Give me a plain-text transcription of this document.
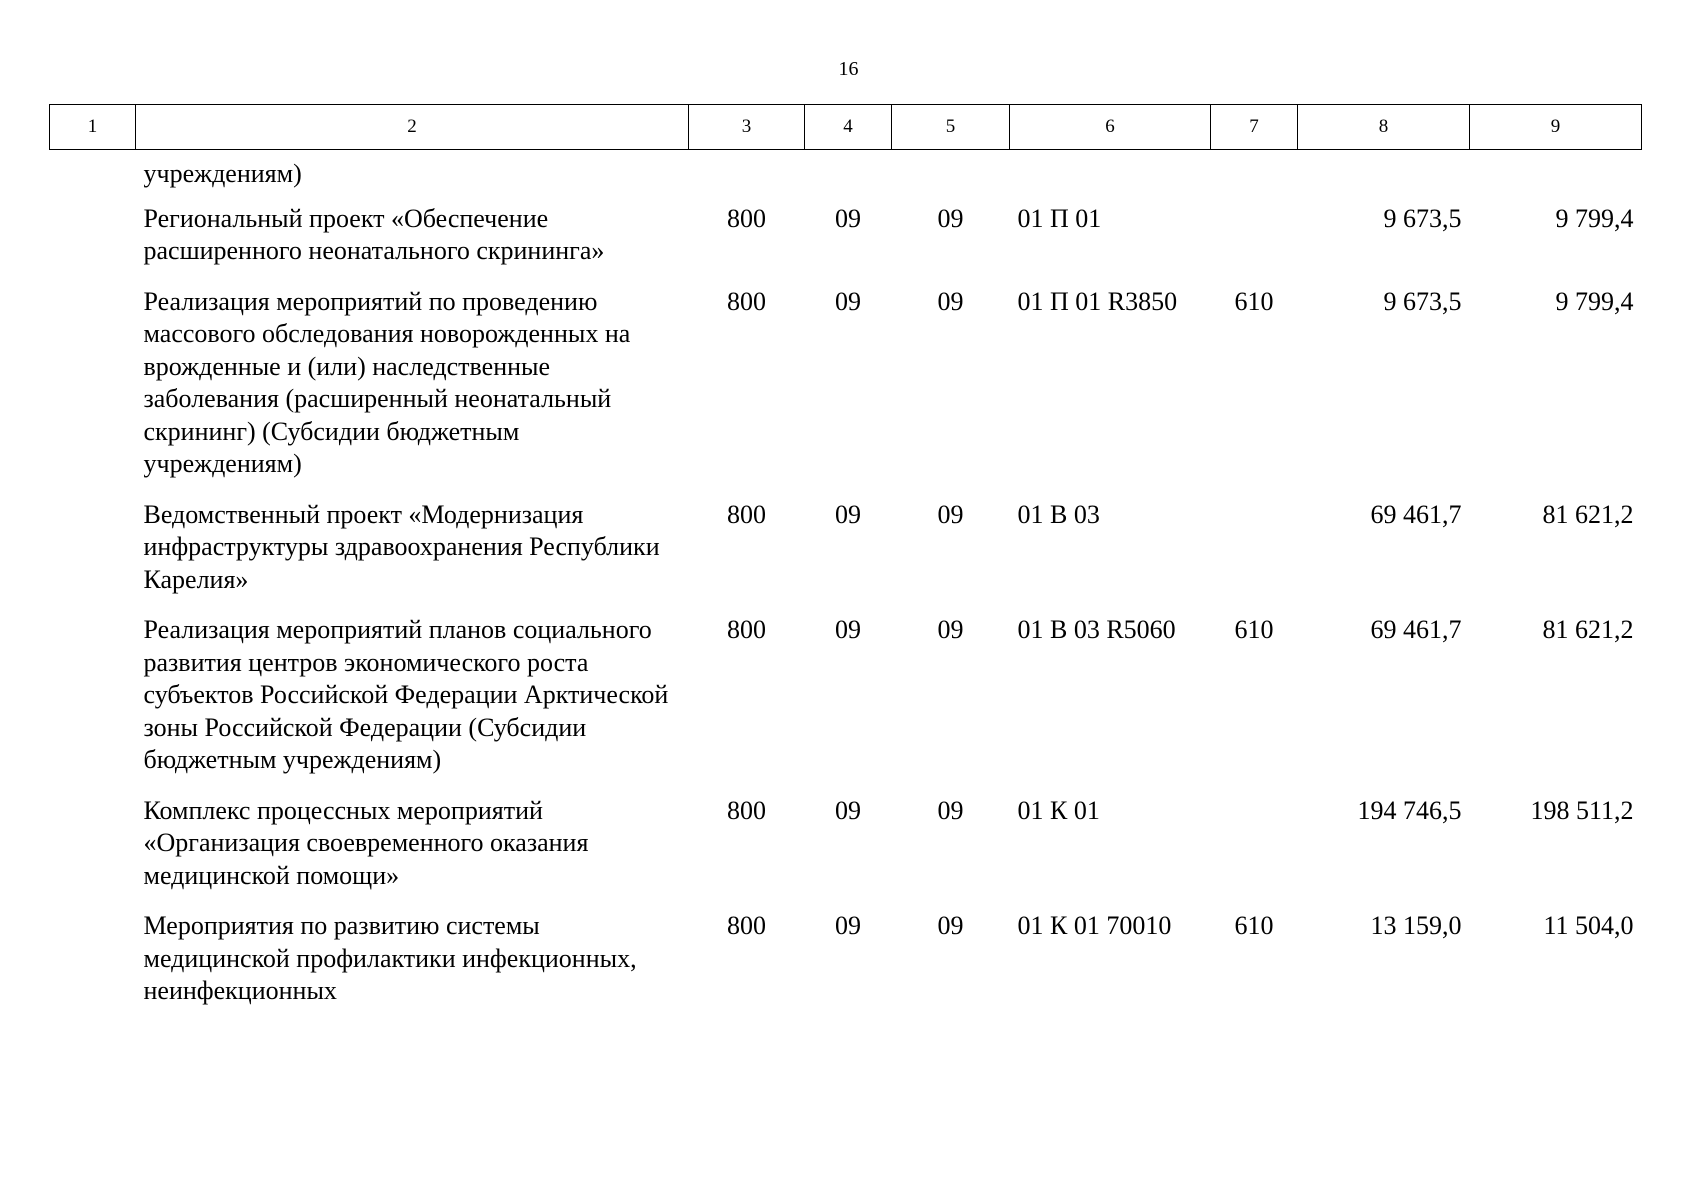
16
1	2	3	4	5	6	7	8	9
	учреждениям)							
	Региональный проект «Обеспечение расширенного неонатального скрининга»	800	09	09	01 П 01		9 673,5	9 799,4
	Реализация мероприятий по проведению массового обследования новорожденных на врожденные и (или) наследственные заболевания (расширенный неонатальный скрининг) (Субсидии бюджетным учреждениям)	800	09	09	01 П 01 R3850	610	9 673,5	9 799,4
	Ведомственный проект «Модернизация инфраструктуры здравоохранения Республики Карелия»	800	09	09	01 В 03		69 461,7	81 621,2
	Реализация мероприятий планов социального развития центров экономического роста субъектов Российской Федерации Арктической зоны Российской Федерации (Субсидии бюджетным учреждениям)	800	09	09	01 В 03 R5060	610	69 461,7	81 621,2
	Комплекс процессных мероприятий «Организация своевременного оказания медицинской помощи»	800	09	09	01 К 01		194 746,5	198 511,2
	Мероприятия по развитию системы медицинской профилактики инфекционных, неинфекционных	800	09	09	01 К 01 70010	610	13 159,0	11 504,0
